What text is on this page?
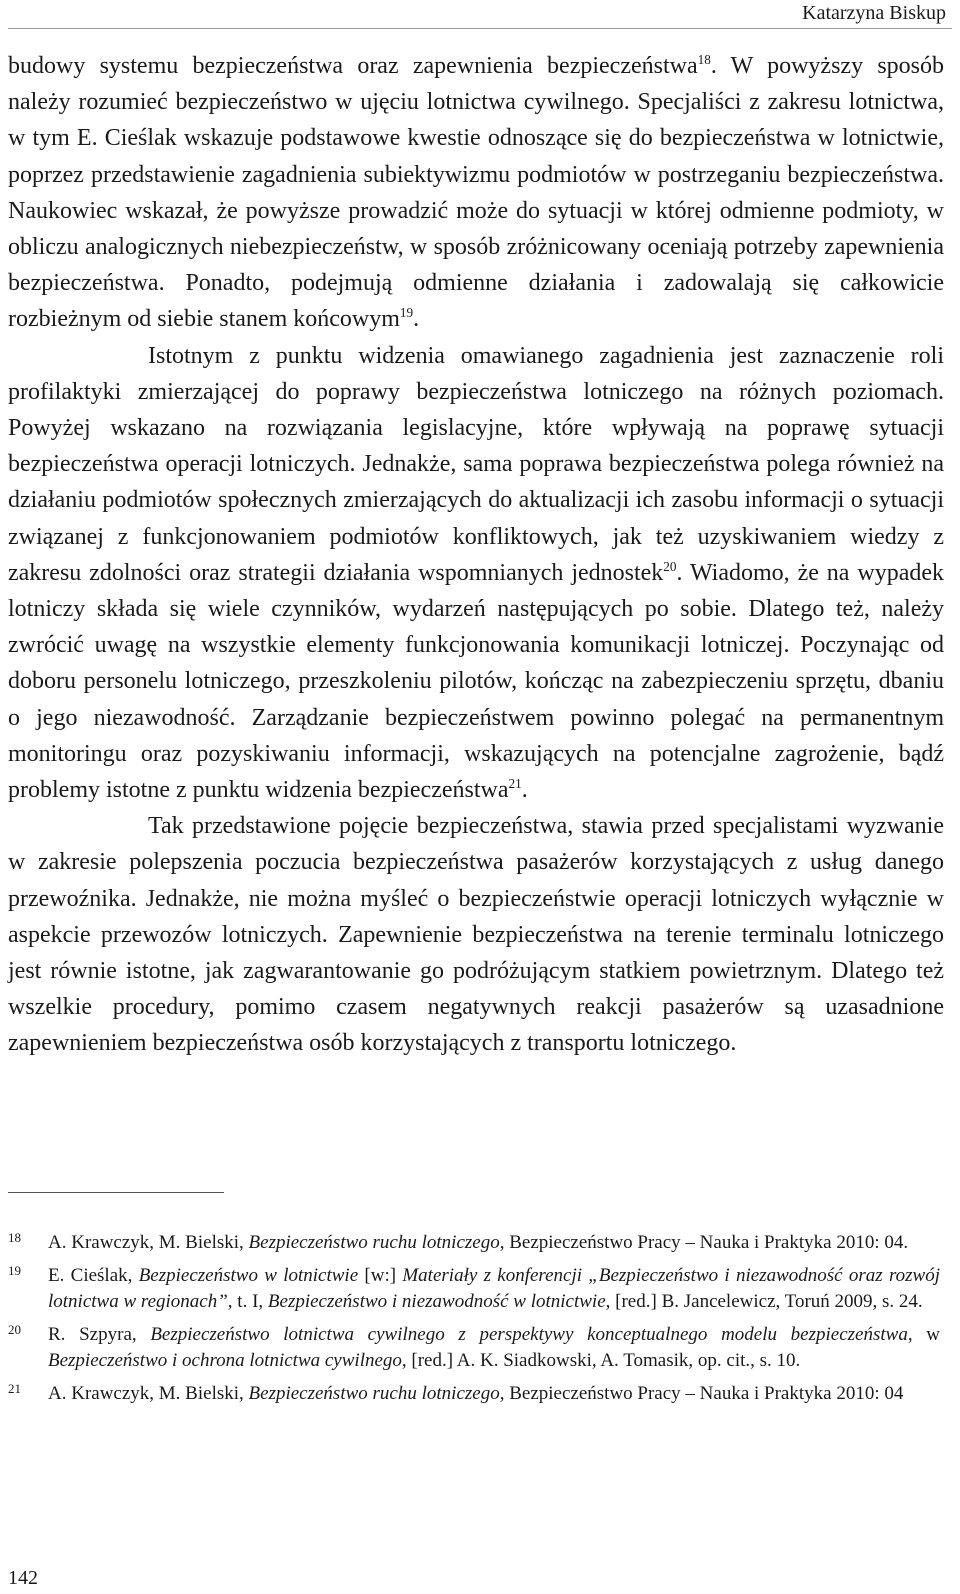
Katarzyna Biskup

budowy systemu bezpieczeństwa oraz zapewnienia bezpieczeństwa$^{18}$. W powyższy sposób należy rozumieć bezpieczeństwo w ujęciu lotnictwa cywilnego. Specjaliści z zakresu lotnictwa, w tym E. Cieślak wskazuje podstawowe kwestie odnoszące się do bezpieczeństwa w lotnictwie, poprzez przedstawienie zagadnienia subiektywizmu podmiotów w postrzeganiu bezpieczeństwa. Naukowiec wskazał, że powyższe prowadzić może do sytuacji w której odmienne podmioty, w obliczu analogicznych niebezpieczeństw, w sposób zróżnicowany oceniają potrzeby zapewnienia bezpieczeństwa. Ponadto, podejmują odmienne działania i zadowalają się całkowicie rozbieżnym od siebie stanem końcowym$^{19}$.

Istotnym z punktu widzenia omawianego zagadnienia jest zaznaczenie roli profilaktyki zmierzającej do poprawy bezpieczeństwa lotniczego na różnych poziomach. Powyżej wskazano na rozwiązania legislacyjne, które wpływają na poprawę sytuacji bezpieczeństwa operacji lotniczych. Jednakże, sama poprawa bezpieczeństwa polega również na działaniu podmiotów społecznych zmierzających do aktualizacji ich zasobu informacji o sytuacji związanej z funkcjonowaniem podmiotów konfliktowych, jak też uzyskiwaniem wiedzy z zakresu zdolności oraz strategii działania wspomnianych jednostek$^{20}$. Wiadomo, że na wypadek lotniczy składa się wiele czynników, wydarzeń następujących po sobie. Dlatego też, należy zwrócić uwagę na wszystkie elementy funkcjonowania komunikacji lotniczej. Poczynając od doboru personelu lotniczego, przeszkoleniu pilotów, kończąc na zabezpieczeniu sprzętu, dbaniu o jego niezawodność. Zarządzanie bezpieczeństwem powinno polegać na permanentnym monitoringu oraz pozyskiwaniu informacji, wskazujących na potencjalne zagrożenie, bądź problemy istotne z punktu widzenia bezpieczeństwa$^{21}$.

Tak przedstawione pojęcie bezpieczeństwa, stawia przed specjalistami wyzwanie w zakresie polepszenia poczucia bezpieczeństwa pasażerów korzystających z usług danego przewoźnika. Jednakże, nie można myśleć o bezpieczeństwie operacji lotniczych wyłącznie w aspekcie przewozów lotniczych. Zapewnienie bezpieczeństwa na terenie terminalu lotniczego jest równie istotne, jak zagwarantowanie go podróżującym statkiem powietrznym. Dlatego też wszelkie procedury, pomimo czasem negatywnych reakcji pasażerów są uzasadnione zapewnieniem bezpieczeństwa osób korzystających z transportu lotniczego.

18 A. Krawczyk, M. Bielski, Bezpieczeństwo ruchu lotniczego, Bezpieczeństwo Pracy – Nauka i Praktyka 2010: 04.
19 E. Cieślak, Bezpieczeństwo w lotnictwie [w:] Materiały z konferencji „Bezpieczeństwo i niezawodność oraz rozwój lotnictwa w regionach”, t. I, Bezpieczeństwo i niezawodność w lotnictwie, [red.] B. Jancelewicz, Toruń 2009, s. 24.
20 R. Szpyra, Bezpieczeństwo lotnictwa cywilnego z perspektywy konceptualnego modelu bezpieczeństwa, w Bezpieczeństwo i ochrona lotnictwa cywilnego, [red.] A. K. Siadkowski, A. Tomasik, op. cit., s. 10.
21 A. Krawczyk, M. Bielski, Bezpieczeństwo ruchu lotniczego, Bezpieczeństwo Pracy – Nauka i Praktyka 2010: 04
142
